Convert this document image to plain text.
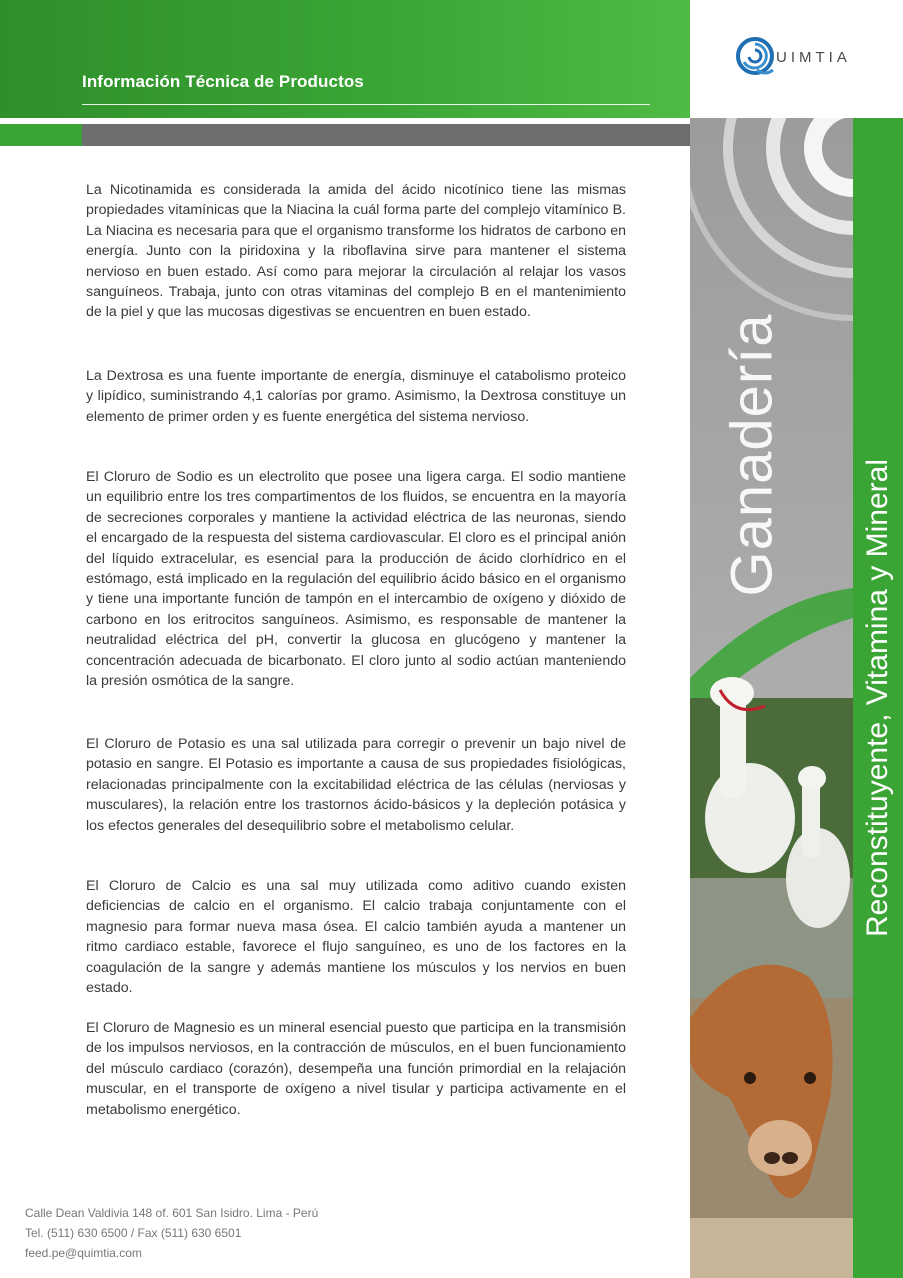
Información Técnica de Productos
UIMTIA
Ganadería
Reconstituyente, Vitamina y Mineral

La Nicotinamida es considerada la amida del ácido nicotínico tiene las mismas propiedades vitamínicas que la Niacina la cuál forma parte del complejo vitamínico B. La Niacina es necesaria para que el organismo transforme los hidratos de carbono en energía. Junto con la piridoxina y la riboflavina sirve para mantener el sistema nervioso en buen estado. Así como para mejorar la circulación al relajar los vasos sanguíneos. Trabaja, junto con otras vitaminas del complejo B en el mantenimiento de la piel y que las mucosas digestivas se encuentren en buen estado.

La Dextrosa es una fuente importante de energía, disminuye el catabolismo proteico y lipídico, suministrando 4,1 calorías por gramo. Asimismo, la Dextrosa constituye un elemento de primer orden y es fuente energética del sistema nervioso.

El Cloruro de Sodio es un electrolito que posee una ligera carga. El sodio mantiene un equilibrio entre los tres compartimentos de los fluidos, se encuentra en la mayoría de secreciones corporales y mantiene la actividad eléctrica de las neuronas, siendo el encargado de la respuesta del sistema cardiovascular. El cloro es el principal anión del líquido extracelular, es esencial para la producción de ácido clorhídrico en el estómago, está implicado en la regulación del equilibrio ácido básico en el organismo y tiene una importante función de tampón en el intercambio de oxígeno y dióxido de carbono en los eritrocitos sanguíneos. Asimismo, es responsable de mantener la neutralidad eléctrica del pH, convertir la glucosa en glucógeno y mantener la concentración adecuada de bicarbonato. El cloro junto al sodio actúan manteniendo la presión osmótica de la sangre.

El Cloruro de Potasio es una sal utilizada para corregir o prevenir un bajo nivel de potasio en sangre. El Potasio es importante a causa de sus propiedades fisiológicas, relacionadas principalmente con la excitabilidad eléctrica de las células (nerviosas y musculares), la relación entre los trastornos ácido-básicos y la depleción potásica y los efectos generales del desequilibrio sobre el metabolismo celular.

El Cloruro de Calcio es una sal muy utilizada como aditivo cuando existen deficiencias de calcio en el organismo. El calcio trabaja conjuntamente con el magnesio para formar nueva masa ósea. El calcio también ayuda a mantener un ritmo cardiaco estable, favorece el flujo sanguíneo, es uno de los factores en la coagulación de la sangre y además mantiene los músculos y los nervios en buen estado.

El Cloruro de Magnesio es un mineral esencial puesto que participa en la transmisión de los impulsos nerviosos, en la contracción de músculos, en el buen funcionamiento del músculo cardiaco (corazón), desempeña una función primordial en la relajación muscular, en el transporte de oxígeno a nivel tisular y participa activamente en el metabolismo energético.

Calle Dean Valdivia 148 of. 601 San Isidro. Lima - Perú
Tel. (511) 630 6500 / Fax (511) 630 6501
feed.pe@quimtia.com
